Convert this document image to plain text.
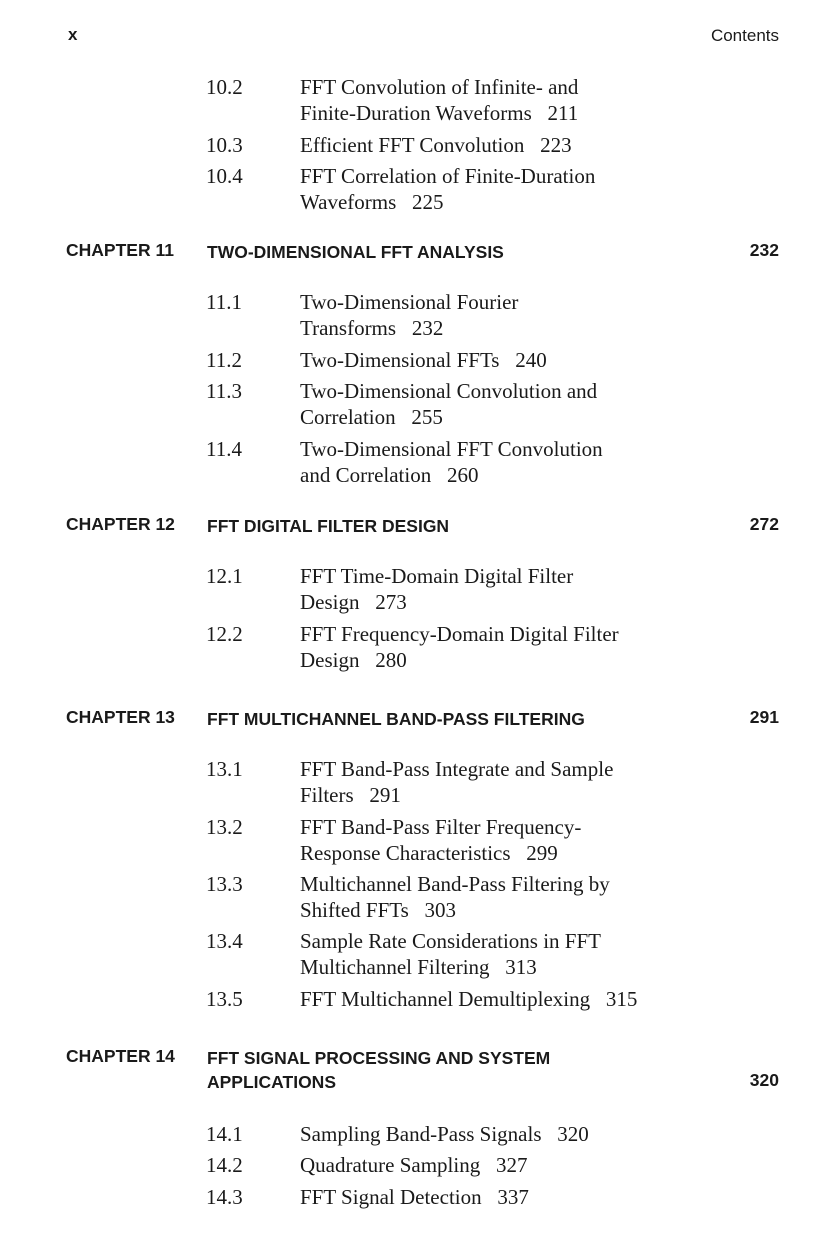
x	Contents
10.2	FFT Convolution of Infinite- and
Finite-Duration Waveforms   211
10.3	Efficient FFT Convolution   223
10.4	FFT Correlation of Finite-Duration
Waveforms   225
CHAPTER 11 TWO-DIMENSIONAL FFT ANALYSIS	232
11.1	Two-Dimensional Fourier
Transforms   232
11.2	Two-Dimensional FFTs   240
11.3	Two-Dimensional Convolution and
Correlation   255
11.4	Two-Dimensional FFT Convolution
and Correlation   260
CHAPTER 12 FFT DIGITAL FILTER DESIGN	272
12.1	FFT Time-Domain Digital Filter
Design   273
12.2	FFT Frequency-Domain Digital Filter
Design   280
CHAPTER 13 FFT MULTICHANNEL BAND-PASS FILTERING	291
13.1	FFT Band-Pass Integrate and Sample
Filters   291
13.2	FFT Band-Pass Filter Frequency-
Response Characteristics   299
13.3	Multichannel Band-Pass Filtering by
Shifted FFTs   303
13.4	Sample Rate Considerations in FFT
Multichannel Filtering   313
13.5	FFT Multichannel Demultiplexing   315
CHAPTER 14 FFT SIGNAL PROCESSING AND SYSTEM
APPLICATIONS	320
14.1	Sampling Band-Pass Signals   320
14.2	Quadrature Sampling   327
14.3	FFT Signal Detection   337
